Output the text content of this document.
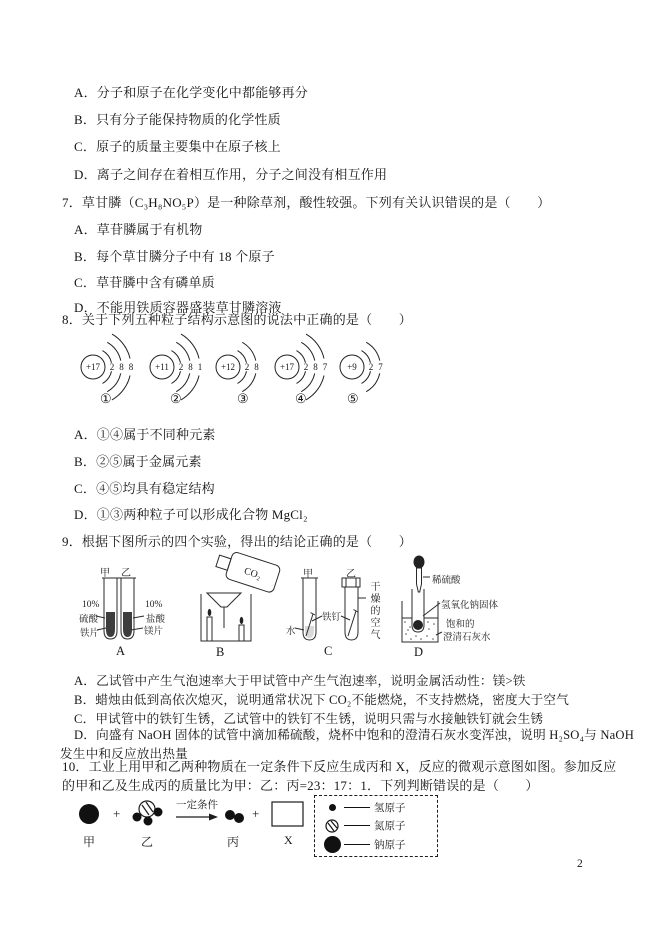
A．分子和原子在化学变化中都能够再分
B．只有分子能保持物质的化学性质
C．原子的质量主要集中在原子核上
D．离子之间存在着相互作用，分子之间没有相互作用
7．草甘膦（C₃H₈NO₅P）是一种除草剂，酸性较强。下列有关认识错误的是（　　）
A．草苷膦属于有机物
B．每个草甘膦分子中有 18 个原子
C．草苷膦中含有磷单质
D．不能用铁质容器盛装草甘膦溶液
8．关于下列五种粒子结构示意图的说法中正确的是（　　）
+17 2 8 8 +11 2 8 1 +12 2 8 +17 2 8 7 +9 2 7
①	②	③	④	⑤
A．①④属于不同种元素
B．②⑤属于金属元素
C．④⑤均具有稳定结构
D．①③两种粒子可以形成化合物 MgCl₂
9．根据下图所示的四个实验，得出的结论正确的是（　　）
CO₂
甲 乙
10%
硫酸
铁片
10%
盐酸
镁片
A	B
甲	乙
水
铁钉	干燥的空气
C
稀硫酸
氢氧化钠固体
饱和的
澄清石灰水
D
A．乙试管中产生气泡速率大于甲试管中产生气泡速率，说明金属活动性：镁>铁
B．蜡烛由低到高依次熄灭，说明通常状况下 CO₂不能燃烧，不支持燃烧，密度大于空气
C．甲试管中的铁钉生锈，乙试管中的铁钉不生锈，说明只需与水接触铁钉就会生锈
D．向盛有 NaOH 固体的试管中滴加稀硫酸，烧杯中饱和的澄清石灰水变浑浊，说明 H₂SO₄与 NaOH 发生中和反应放出热量
10．工业上用甲和乙两种物质在一定条件下反应生成丙和 X，反应的微观示意图如图。参加反应的甲和乙及生成丙的质量比为甲：乙：丙=23：17：1．下列判断错误的是（　　）
一定条件
+	+
甲	乙	丙	X
氢原子
氮原子
钠原子
2
